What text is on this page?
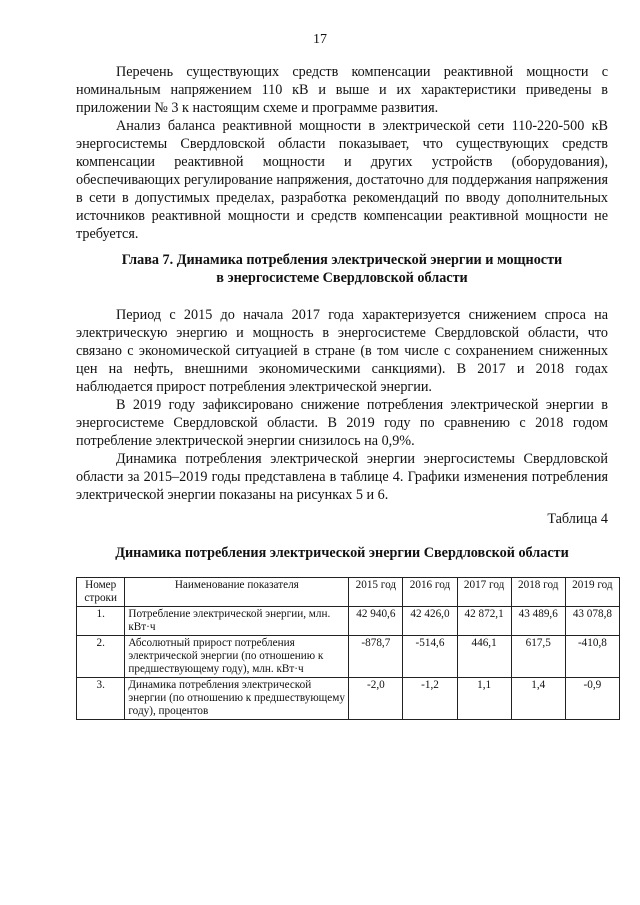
17

Перечень существующих средств компенсации реактивной мощности с номинальным напряжением 110 кВ и выше и их характеристики приведены в приложении № 3 к настоящим схеме и программе развития.

Анализ баланса реактивной мощности в электрической сети 110-220-500 кВ энергосистемы Свердловской области показывает, что существующих средств компенсации реактивной мощности и других устройств (оборудования), обеспечивающих регулирование напряжения, достаточно для поддержания напряжения в сети в допустимых пределах, разработка рекомендаций по вводу дополнительных источников реактивной мощности и средств компенсации реактивной мощности не требуется.

Глава 7. Динамика потребления электрической энергии и мощности
в энергосистеме Свердловской области

Период с 2015 до начала 2017 года характеризуется снижением спроса на электрическую энергию и мощность в энергосистеме Свердловской области, что связано с экономической ситуацией в стране (в том числе с сохранением сниженных цен на нефть, внешними экономическими санкциями). В 2017 и 2018 годах наблюдается прирост потребления электрической энергии.

В 2019 году зафиксировано снижение потребления электрической энергии в энергосистеме Свердловской области. В 2019 году по сравнению с 2018 годом потребление электрической энергии снизилось на 0,9%.

Динамика потребления электрической энергии энергосистемы Свердловской области за 2015–2019 годы представлена в таблице 4. Графики изменения потребления электрической энергии показаны на рисунках 5 и 6.

Таблица 4
Динамика потребления электрической энергии Свердловской области
Номер строки	Наименование показателя	2015 год	2016 год	2017 год	2018 год	2019 год
1.	Потребление электрической энергии, млн. кВт·ч	42 940,6	42 426,0	42 872,1	43 489,6	43 078,8
2.	Абсолютный прирост потребления электрической энергии (по отношению к предшествующему году), млн. кВт·ч	-878,7	-514,6	446,1	617,5	-410,8
3.	Динамика потребления электрической энергии (по отношению к предшествующему году), процентов	-2,0	-1,2	1,1	1,4	-0,9
